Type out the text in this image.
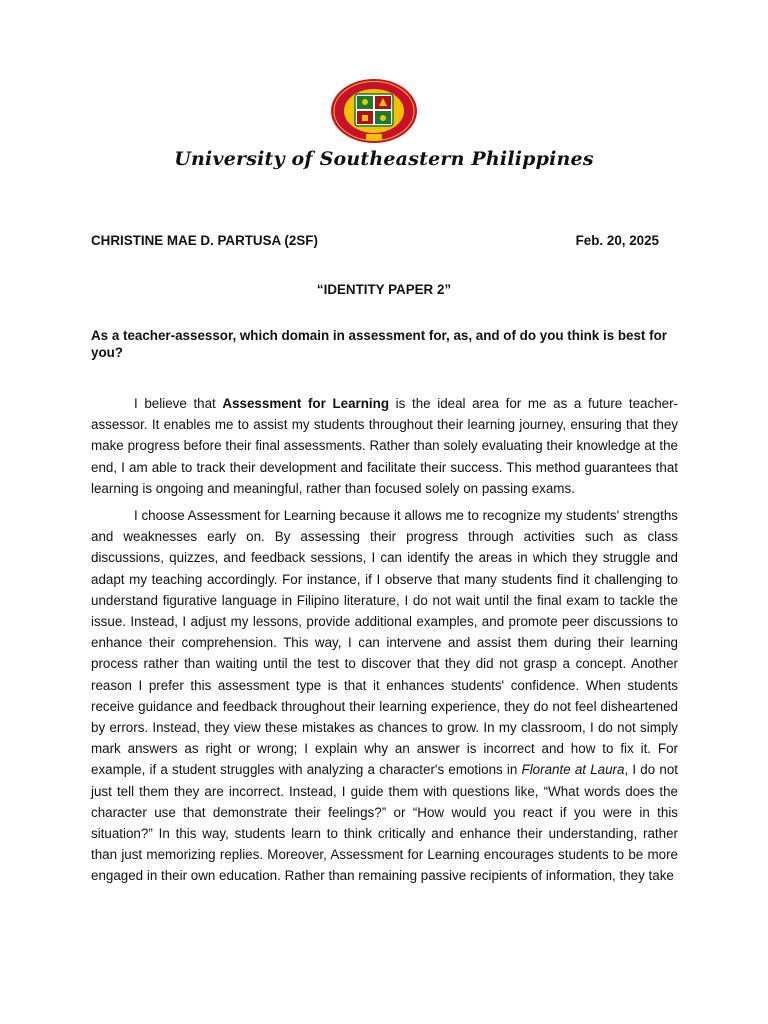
University of Southeastern Philippines
CHRISTINE MAE D. PARTUSA (2SF)	Feb. 20, 2025
“IDENTITY PAPER 2”
As a teacher-assessor, which domain in assessment for, as, and of do you think is best for you?

I believe that Assessment for Learning is the ideal area for me as a future teacher-assessor. It enables me to assist my students throughout their learning journey, ensuring that they make progress before their final assessments. Rather than solely evaluating their knowledge at the end, I am able to track their development and facilitate their success. This method guarantees that learning is ongoing and meaningful, rather than focused solely on passing exams.

I choose Assessment for Learning because it allows me to recognize my students' strengths and weaknesses early on. By assessing their progress through activities such as class discussions, quizzes, and feedback sessions, I can identify the areas in which they struggle and adapt my teaching accordingly. For instance, if I observe that many students find it challenging to understand figurative language in Filipino literature, I do not wait until the final exam to tackle the issue. Instead, I adjust my lessons, provide additional examples, and promote peer discussions to enhance their comprehension. This way, I can intervene and assist them during their learning process rather than waiting until the test to discover that they did not grasp a concept. Another reason I prefer this assessment type is that it enhances students' confidence. When students receive guidance and feedback throughout their learning experience, they do not feel disheartened by errors. Instead, they view these mistakes as chances to grow. In my classroom, I do not simply mark answers as right or wrong; I explain why an answer is incorrect and how to fix it. For example, if a student struggles with analyzing a character's emotions in Florante at Laura, I do not just tell them they are incorrect. Instead, I guide them with questions like, “What words does the character use that demonstrate their feelings?” or “How would you react if you were in this situation?” In this way, students learn to think critically and enhance their understanding, rather than just memorizing replies. Moreover, Assessment for Learning encourages students to be more engaged in their own education. Rather than remaining passive recipients of information, they take
